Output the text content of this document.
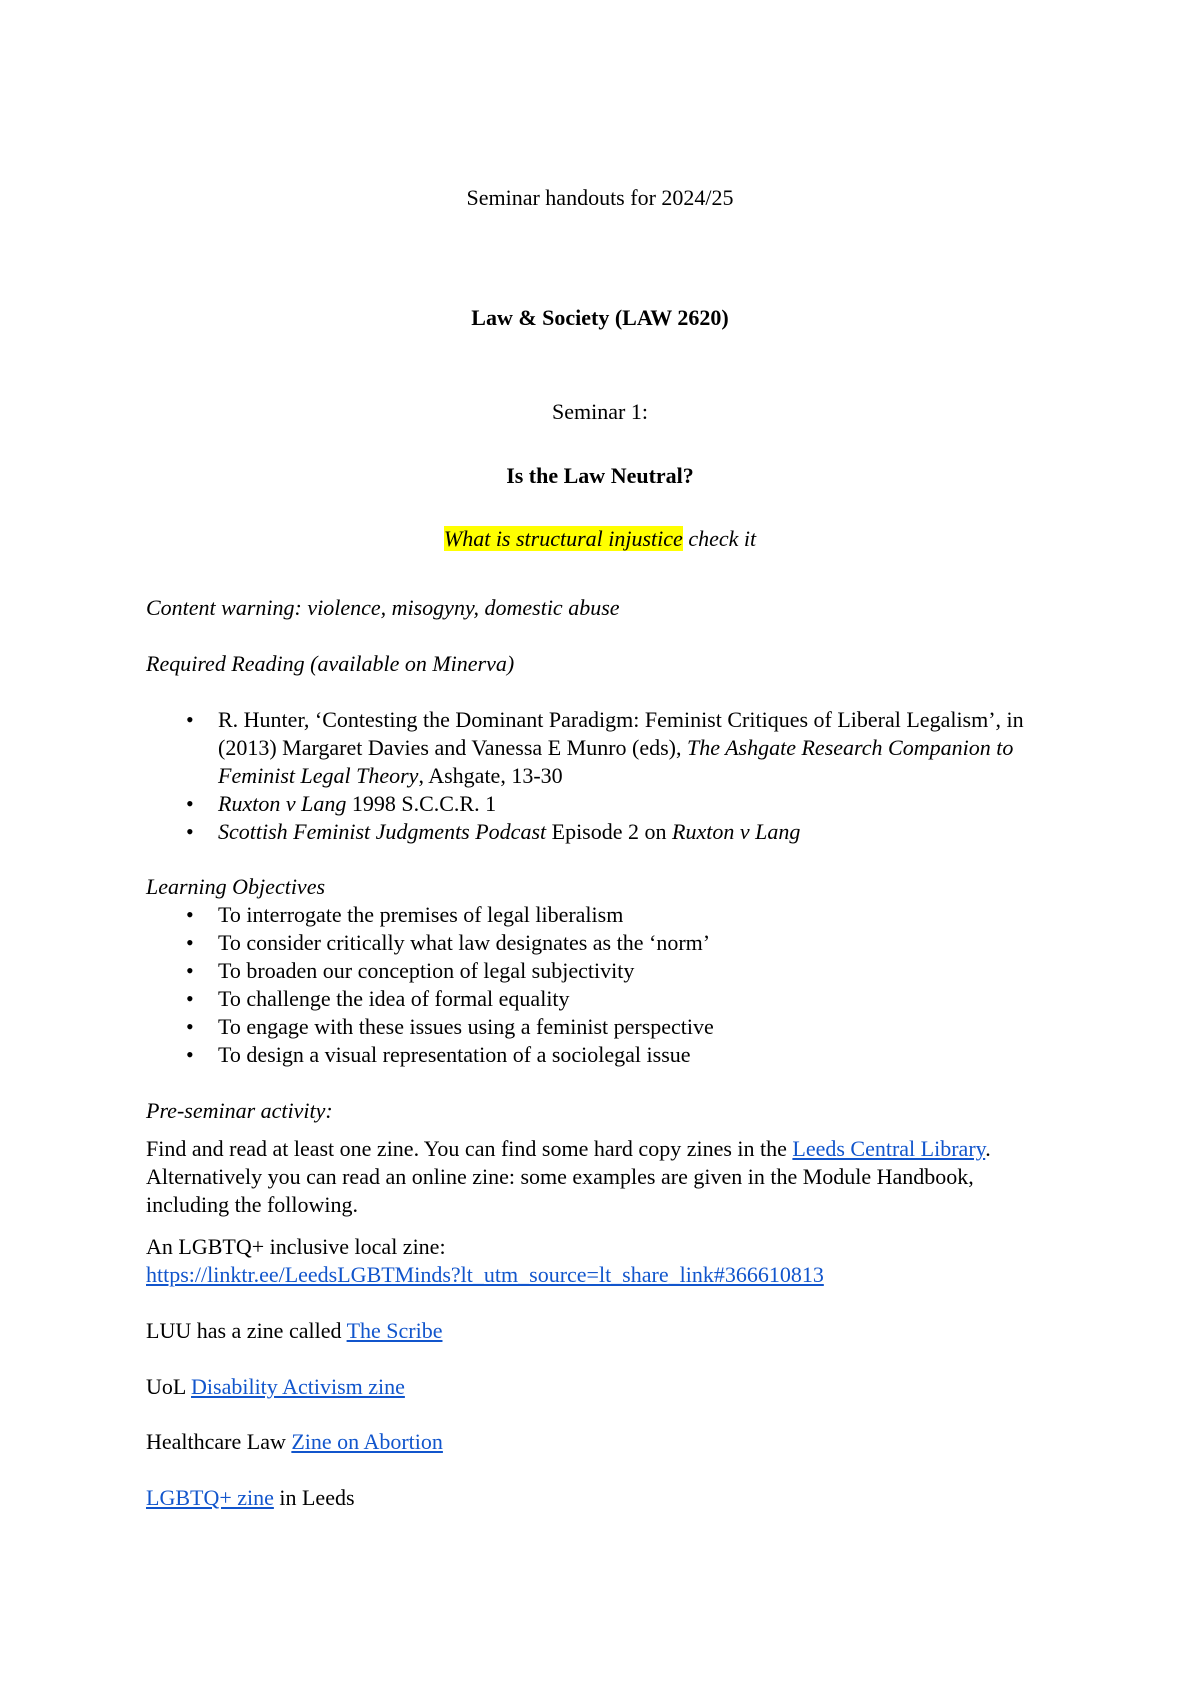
Seminar handouts for 2024/25
Law & Society (LAW 2620)
Seminar 1:
Is the Law Neutral?
What is structural injustice check it
Content warning: violence, misogyny, domestic abuse
Required Reading (available on Minerva)
•	R. Hunter, ‘Contesting the Dominant Paradigm: Feminist Critiques of Liberal Legalism’, in (2013) Margaret Davies and Vanessa E Munro (eds), The Ashgate Research Companion to Feminist Legal Theory, Ashgate, 13-30
•	Ruxton v Lang 1998 S.C.C.R. 1
•	Scottish Feminist Judgments Podcast Episode 2 on Ruxton v Lang
Learning Objectives
•	To interrogate the premises of legal liberalism
•	To consider critically what law designates as the ‘norm’
•	To broaden our conception of legal subjectivity
•	To challenge the idea of formal equality
•	To engage with these issues using a feminist perspective
•	To design a visual representation of a sociolegal issue
Pre-seminar activity:
Find and read at least one zine. You can find some hard copy zines in the Leeds Central Library. Alternatively you can read an online zine: some examples are given in the Module Handbook, including the following.
An LGBTQ+ inclusive local zine:
https://linktr.ee/LeedsLGBTMinds?lt_utm_source=lt_share_link#366610813
LUU has a zine called The Scribe
UoL Disability Activism zine
Healthcare Law Zine on Abortion
LGBTQ+ zine in Leeds
